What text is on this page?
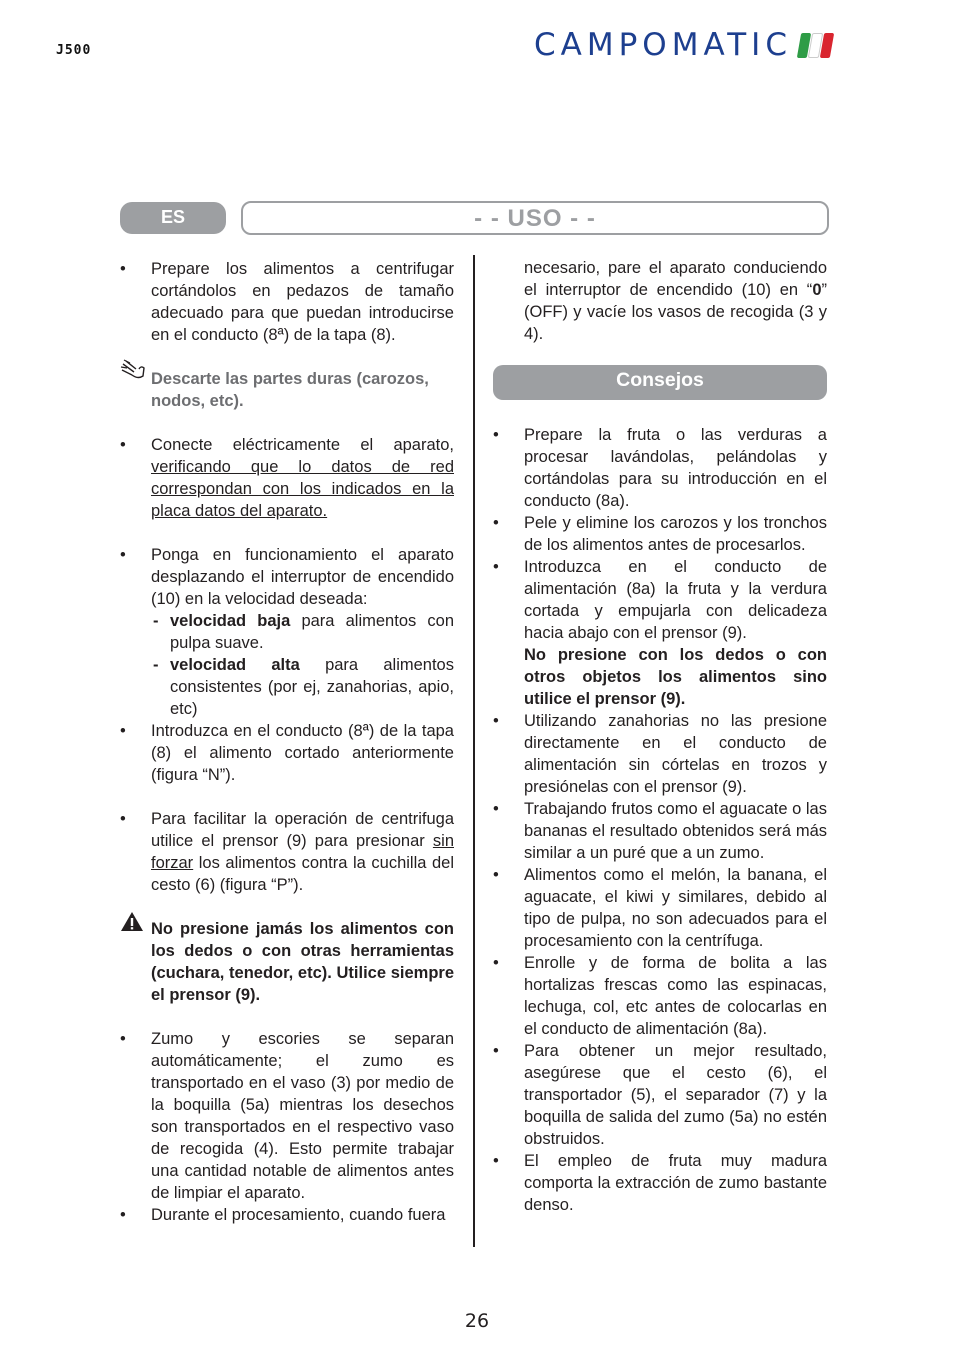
J500	CAMPOMATIC
ES	- - USO - -
• Prepare los alimentos a centrifugar cortándolos en pedazos de tamaño adecuado para que puedan introducirse en el conducto (8ª) de la tapa (8).
Descarte las partes duras (carozos, nodos, etc).
• Conecte eléctricamente el aparato, verificando que lo datos de red correspondan con los indicados en la placa datos del aparato.
• Ponga en funcionamiento el aparato desplazando el interruptor de encendido (10) en la velocidad deseada:
- velocidad baja para alimentos con pulpa suave.
- velocidad alta para alimentos consistentes (por ej, zanahorias, apio, etc)
• Introduzca en el conducto (8ª) de la tapa (8) el alimento cortado anteriormente (figura “N”).
• Para facilitar la operación de centrifuga utilice el prensor (9) para presionar sin forzar los alimentos contra la cuchilla del cesto (6) (figura “P”).
No presione jamás los alimentos con los dedos o con otras herramientas (cuchara, tenedor, etc). Utilice siempre el prensor (9).
• Zumo y escories se separan automáticamente; el zumo es transportado en el vaso (3) por medio de la boquilla (5a) mientras los desechos son transportados en el respectivo vaso de recogida (4). Esto permite trabajar una cantidad notable de alimentos antes de limpiar el aparato.
• Durante el procesamiento, cuando fuera
necesario, pare el aparato conduciendo el interruptor de encendido (10) en “0” (OFF) y vacíe los vasos de recogida (3 y 4).
Consejos
• Prepare la fruta o las verduras a procesar lavándolas, pelándolas y cortándolas para su introducción en el conducto (8a).
• Pele y elimine los carozos y los tronchos de los alimentos antes de procesarlos.
• Introduzca en el conducto de alimentación (8a) la fruta y la verdura cortada y empujarla con delicadeza hacia abajo con el prensor (9).
No presione con los dedos o con otros objetos los alimentos sino utilice el prensor (9).
• Utilizando zanahorias no las presione directamente en el conducto de alimentación sin córtelas en trozos y presiónelas con el prensor (9).
• Trabajando frutos como el aguacate o las bananas el resultado obtenidos será más similar a un puré que a un zumo.
• Alimentos como el melón, la banana, el aguacate, el kiwi y similares, debido al tipo de pulpa, no son adecuados para el procesamiento con la centrífuga.
• Enrolle y de forma de bolita a las hortalizas frescas como las espinacas, lechuga, col, etc antes de colocarlas en el conducto de alimentación (8a).
• Para obtener un mejor resultado, asegúrese que el cesto (6), el transportador (5), el separador (7) y la boquilla de salida del zumo (5a) no estén obstruidos.
• El empleo de fruta muy madura comporta la extracción de zumo bastante denso.
26
